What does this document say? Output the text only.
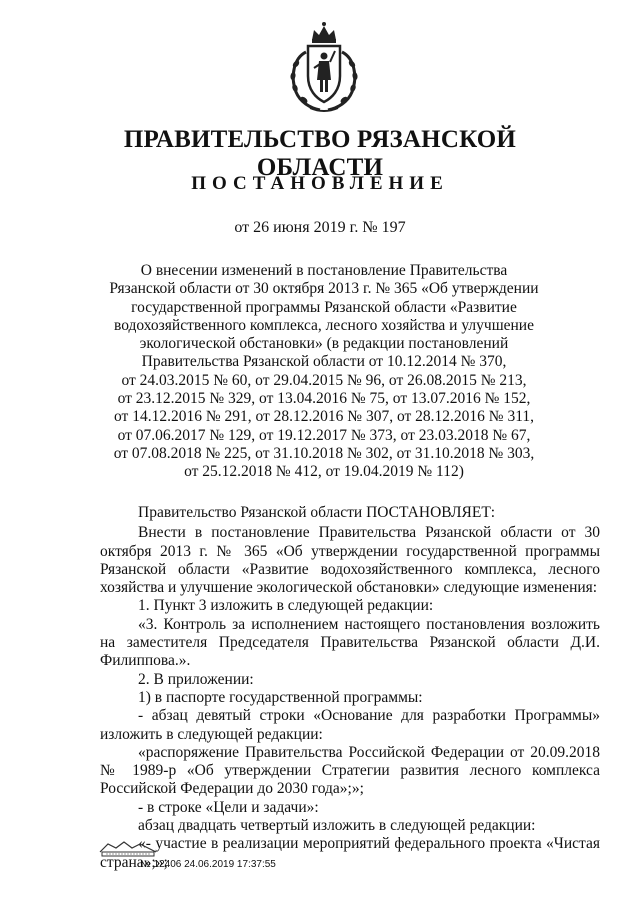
ПРАВИТЕЛЬСТВО РЯЗАНСКОЙ ОБЛАСТИ
ПОСТАНОВЛЕНИЕ
от 26 июня 2019 г. № 197
О внесении изменений в постановление Правительства
Рязанской области от 30 октября 2013 г. № 365 «Об утверждении
государственной программы Рязанской области «Развитие
водохозяйственного комплекса, лесного хозяйства и улучшение
экологической обстановки» (в редакции постановлений
Правительства Рязанской области от 10.12.2014 № 370,
от 24.03.2015 № 60, от 29.04.2015 № 96, от 26.08.2015 № 213,
от 23.12.2015 № 329, от 13.04.2016 № 75, от 13.07.2016 № 152,
от 14.12.2016 № 291, от 28.12.2016 № 307, от 28.12.2016 № 311,
от 07.06.2017 № 129, от 19.12.2017 № 373, от 23.03.2018 № 67,
от 07.08.2018 № 225, от 31.10.2018 № 302, от 31.10.2018 № 303,
от 25.12.2018 № 412, от 19.04.2019 № 112)

Правительство Рязанской области ПОСТАНОВЛЯЕТ:

Внести в постановление Правительства Рязанской области от 30 октября 2013 г. № 365 «Об утверждении государственной программы Рязанской области «Развитие водохозяйственного комплекса, лесного хозяйства и улучшение экологической обстановки» следующие изменения:

1. Пункт 3 изложить в следующей редакции:

«3. Контроль за исполнением настоящего постановления возложить на заместителя Председателя Правительства Рязанской области Д.И. Филиппова.».

2. В приложении:

1) в паспорте государственной программы:

- абзац девятый строки «Основание для разработки Программы» изложить в следующей редакции:

«распоряжение Правительства Российской Федерации от 20.09.2018 № 1989-р «Об утверждении Стратегии развития лесного комплекса Российской Федерации до 2030 года»;»;

- в строке «Цели и задачи»:

абзац двадцать четвертый изложить в следующей редакции:

«- участие в реализации мероприятий федерального проекта «Чистая страна»;»;

№ 12406 24.06.2019 17:37:55
